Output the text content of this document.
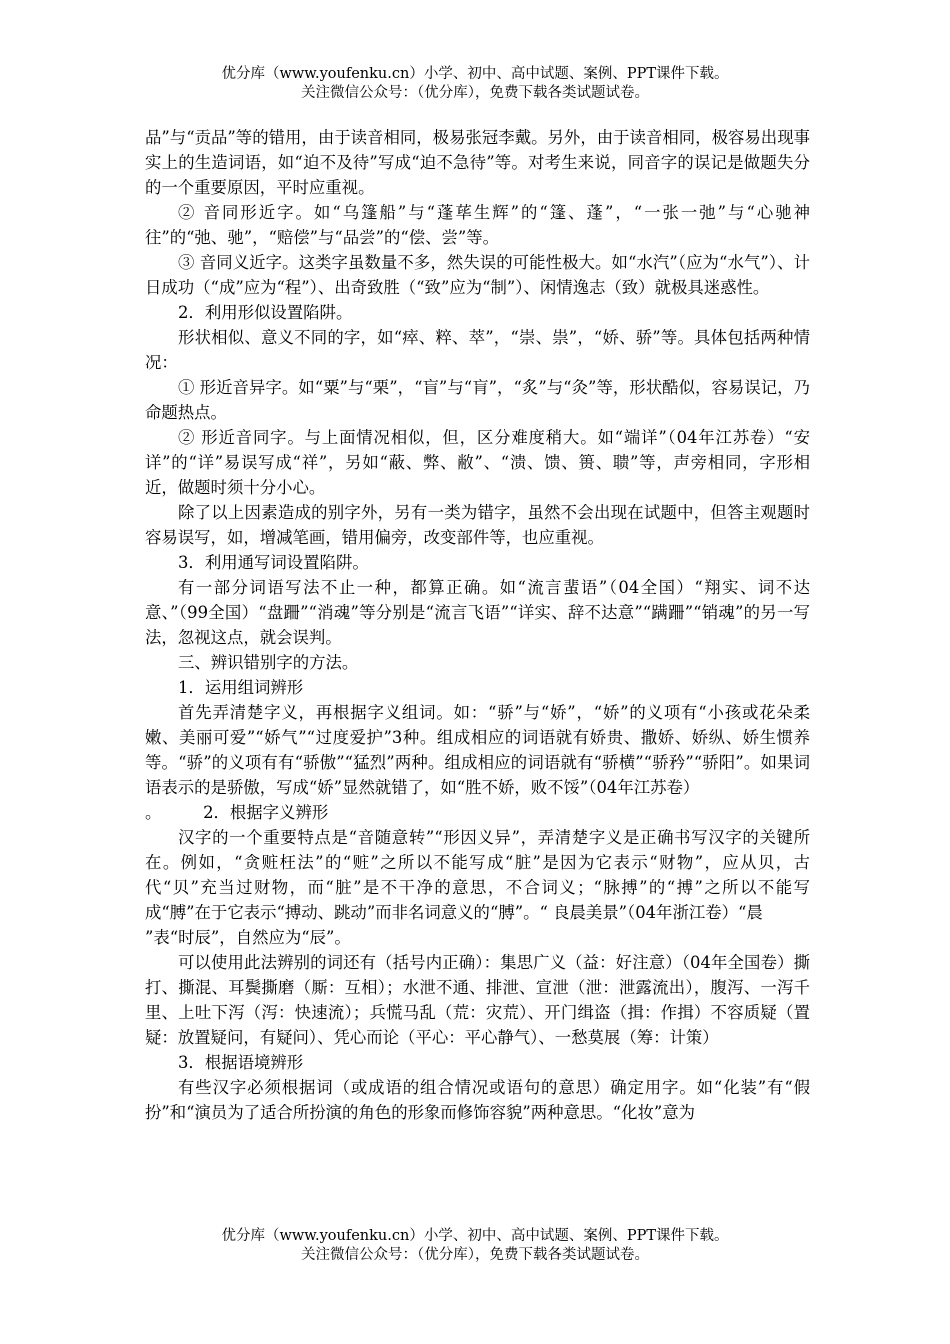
优分库（www.youfenku.cn）小学、初中、高中试题、案例、PPT课件下载。
关注微信公众号：（优分库），免费下载各类试题试卷。

品”与“贡品”等的错用，由于读音相同，极易张冠李戴。另外，由于读音相同，极容易出现事实上的生造词语，如“迫不及待”写成“迫不急待”等。对考生来说，同音字的误记是做题失分的一个重要原因，平时应重视。

② 音同形近字。如“乌篷船”与“蓬荜生辉”的“篷、蓬”，“一张一弛”与“心驰神往”的“弛、驰”，“赔偿”与“品尝”的“偿、尝”等。

③ 音同义近字。这类字虽数量不多，然失误的可能性极大。如“水汽”（应为“水气”）、计日成功（“成”应为“程”）、出奇致胜（“致”应为“制”）、闲情逸志（致）就极具迷惑性。

2．利用形似设置陷阱。

形状相似、意义不同的字，如“瘁、粹、萃”，“崇、祟”，“娇、骄”等。具体包括两种情况：

① 形近音异字。如“粟”与“栗”，“盲”与“肓”，“炙”与“灸”等，形状酷似，容易误记，乃命题热点。

② 形近音同字。与上面情况相似，但，区分难度稍大。如“端详”（04年江苏卷）“安详”的“详”易误写成“祥”，另如“蔽、弊、敝”、“溃、馈、篑、聩”等，声旁相同，字形相近，做题时须十分小心。

除了以上因素造成的别字外，另有一类为错字，虽然不会出现在试题中，但答主观题时容易误写，如，增减笔画，错用偏旁，改变部件等，也应重视。

3．利用通写词设置陷阱。

有一部分词语写法不止一种，都算正确。如“流言蜚语”（04全国）“翔实、词不达意、”（99全国）“盘跚”“消魂”等分别是“流言飞语”“详实、辞不达意”“蹒跚”“销魂”的另一写法，忽视这点，就会误判。

三、辨识错别字的方法。

1．运用组词辨形

首先弄清楚字义，再根据字义组词。如：“骄”与“娇”，“娇”的义项有“小孩或花朵柔嫩、美丽可爱”“娇气”“过度爱护”3种。组成相应的词语就有娇贵、撒娇、娇纵、娇生惯养等。“骄”的义项有有“骄傲”“猛烈”两种。组成相应的词语就有“骄横”“骄矜”“骄阳”。如果词语表示的是骄傲，写成“娇”显然就错了，如“胜不娇，败不馁”（04年江苏卷）

。        2．根据字义辨形

汉字的一个重要特点是“音随意转”“形因义异”，弄清楚字义是正确书写汉字的关键所在。例如，“贪赃枉法”的“赃”之所以不能写成“脏”是因为它表示“财物”，应从贝，古代“贝”充当过财物，而“脏”是不干净的意思，不合词义；“脉搏”的“搏”之所以不能写成“膊”在于它表示“搏动、跳动”而非名词意义的“膊”。“ 良晨美景”（04年浙江卷）“晨

”表“时辰”，自然应为“辰”。

可以使用此法辨别的词还有（括号内正确）：集思广义（益：好注意）（04年全国卷）撕打、撕混、耳鬓撕磨（厮：互相）；水泄不通、排泄、宣泄（泄：泄露流出），腹泻、一泻千里、上吐下泻（泻：快速流）；兵慌马乱（荒：灾荒）、开门缉盗（揖：作揖）不容质疑（置疑：放置疑问，有疑问）、凭心而论（平心：平心静气）、一愁莫展（筹：计策）

3．根据语境辨形

有些汉字必须根据词（或成语的组合情况或语句的意思）确定用字。如“化装”有“假扮”和“演员为了适合所扮演的角色的形象而修饰容貌”两种意思。“化妆”意为

优分库（www.youfenku.cn）小学、初中、高中试题、案例、PPT课件下载。
关注微信公众号：（优分库），免费下载各类试题试卷。
